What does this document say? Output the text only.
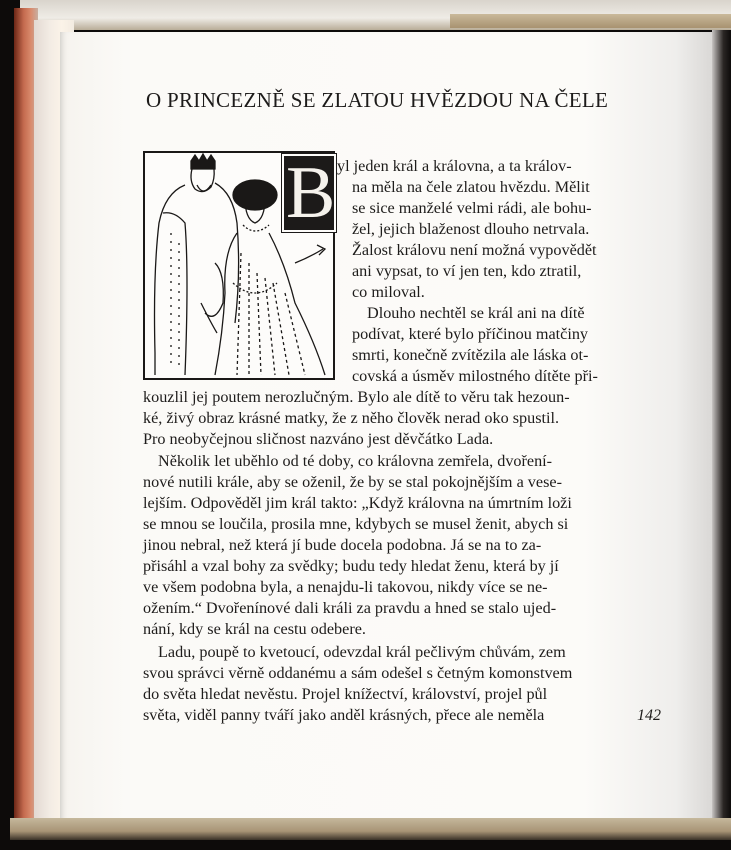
O PRINCEZNĚ SE ZLATOU HVĚZDOU NA ČELE
B yl jeden král a královna, a ta králov-
na měla na čele zlatou hvězdu. Mělit
se sice manželé velmi rádi, ale bohu-
žel, jejich blaženost dlouho netrvala.
Žalost královu není možná vypovědět
ani vypsat, to ví jen ten, kdo ztratil,
co miloval.
Dlouho nechtěl se král ani na dítě
podívat, které bylo příčinou matčiny
smrti, konečně zvítězila ale láska ot-
covská a úsměv milostného dítěte při-
kouzlil jej poutem nerozlučným. Bylo ale dítě to věru tak hezoun-
ké, živý obraz krásné matky, že z něho člověk nerad oko spustil.
Pro neobyčejnou sličnost nazváno jest děvčátko Lada.
Několik let uběhlo od té doby, co královna zemřela, dvoření-
nové nutili krále, aby se oženil, že by se stal pokojnějším a vese-
lejším. Odpověděl jim král takto: „Když královna na úmrtním loži
se mnou se loučila, prosila mne, kdybych se musel ženit, abych si
jinou nebral, než která jí bude docela podobna. Já se na to za-
přisáhl a vzal bohy za svědky; budu tedy hledat ženu, která by jí
ve všem podobna byla, a nenajdu-li takovou, nikdy více se ne-
ožením.“ Dvořenínové dali králi za pravdu a hned se stalo ujed-
nání, kdy se král na cestu odebere.
Ladu, poupě to kvetoucí, odevzdal král pečlivým chůvám, zem
svou správci věrně oddanému a sám odešel s četným komonstvem
do světa hledat nevěstu. Projel knížectví, království, projel půl
světa, viděl panny tváří jako anděl krásných, přece ale neměla	142
